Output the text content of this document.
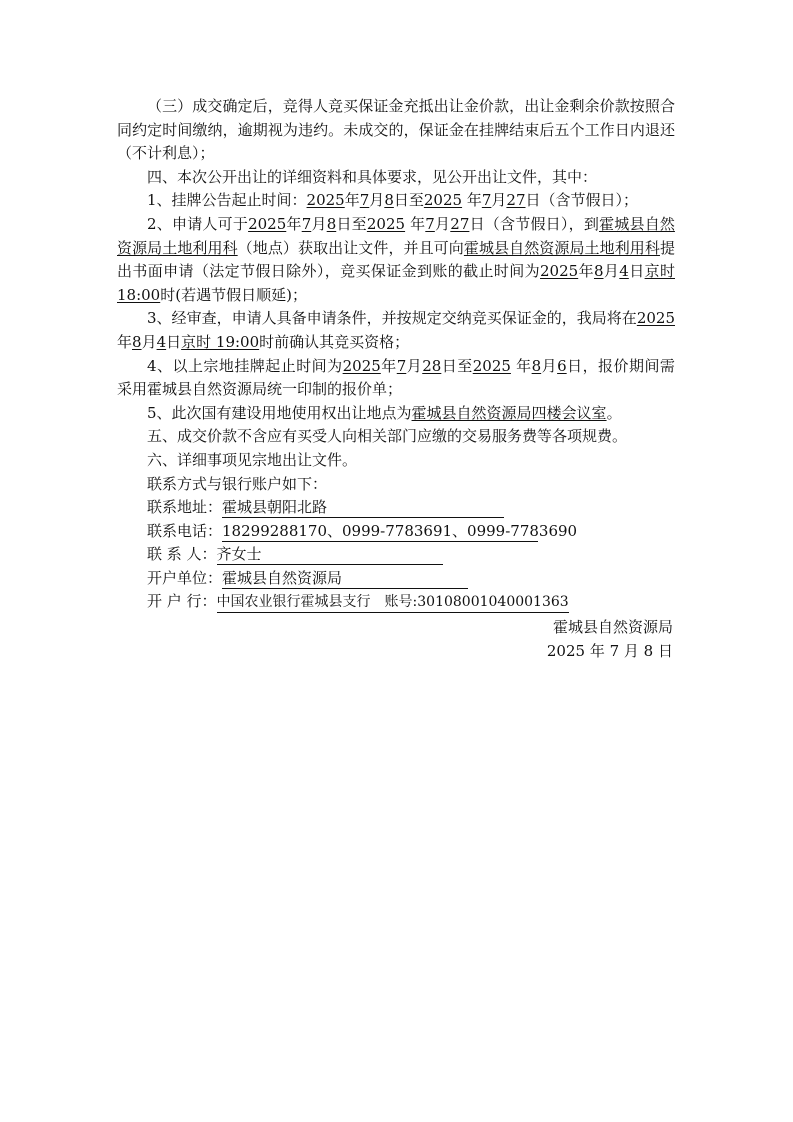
（三）成交确定后，竞得人竞买保证金充抵出让金价款，出让金剩余价款按照合同约定时间缴纳，逾期视为违约。未成交的，保证金在挂牌结束后五个工作日内退还（不计利息）；

四、本次公开出让的详细资料和具体要求，见公开出让文件，其中：

1、挂牌公告起止时间：2025年7月8日至2025 年7月27日（含节假日）；

2、申请人可于2025年7月8日至2025 年7月27日（含节假日），到霍城县自然资源局土地利用科（地点）获取出让文件，并且可向霍城县自然资源局土地利用科提出书面申请（法定节假日除外），竞买保证金到账的截止时间为2025年8月4日京时 18:00时(若遇节假日顺延)；

3、经审查，申请人具备申请条件，并按规定交纳竞买保证金的，我局将在2025年8月4日京时 19:00时前确认其竞买资格；

4、以上宗地挂牌起止时间为2025年7月28日至2025 年8月6日，报价期间需采用霍城县自然资源局统一印制的报价单；

5、此次国有建设用地使用权出让地点为霍城县自然资源局四楼会议室。

五、成交价款不含应有买受人向相关部门应缴的交易服务费等各项规费。

六、详细事项见宗地出让文件。

联系方式与银行账户如下：
联系地址：霍城县朝阳北路
联系电话：18299288170、0999-7783691、0999-7783690
联 系 人：齐女士
开户单位：霍城县自然资源局
开 户 行：中国农业银行霍城县支行　账号:30108001040001363
霍城县自然资源局
2025 年 7 月 8 日
